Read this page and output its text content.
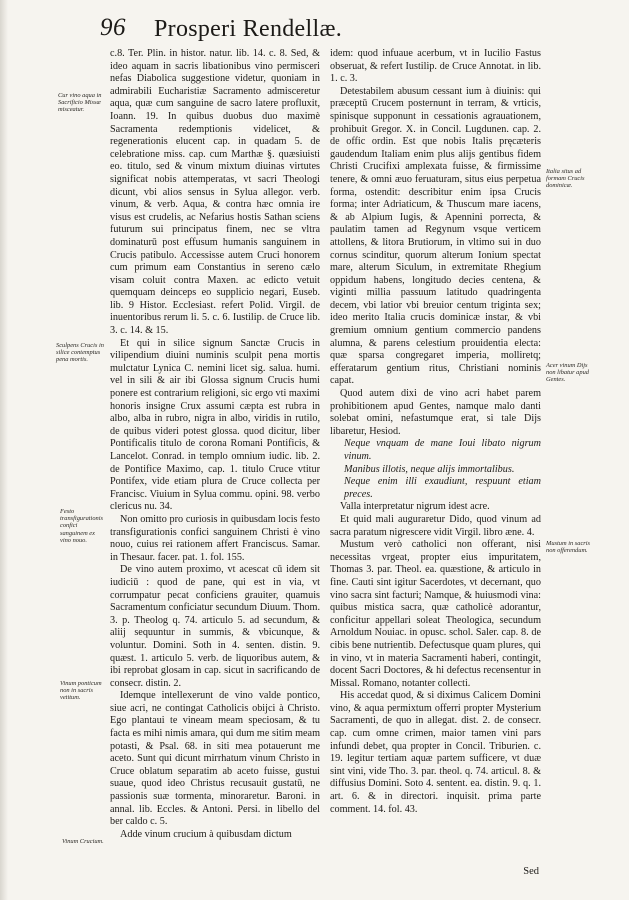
96 Prosperi Rendellæ.

c.8. Ter. Plin. in histor. natur. lib. 14. c. 8. Sed, & ideo aquam in sacris libationibus vino permisceri nefas Diabolica suggestione videtur, quoniam in admirabili Eucharistiæ Sacramento admisceretur aqua, quæ cum sanguine de sacro latere profluxit, Ioann. 19. In quibus duobus duo maximè Sacramenta redemptionis videlicet, & regenerationis elucent cap. in quadam 5. de celebratione miss. cap. cum Marthæ §. quæsiuisti eo. titulo, sed & vinum mixtum diuinas virtutes significat nobis attemperatas, vt sacri Theologi dicunt, vbi alios sensus in Sylua allegor. verb. vinum, & verb. Aqua, & contra hæc omnia ire visus est crudelis, ac Nefarius hostis Sathan sciens futurum sui principatus finem, nec se vltra dominaturū post effusum humanis sanguinem in Crucis patibulo. Accessisse autem Cruci honorem cum primum eam Constantius in sereno cælo visam coluit contra Maxen. ac edicto vetuit quemquam deinceps eo supplicio negari, Euseb. lib. 9 Histor. Ecclesiast. refert Polid. Virgil. de inuentoribus rerum li. 5. c. 6. Iustilip. de Cruce lib. 3. c. 14. & 15.

Et qui in silice signum Sanctæ Crucis in vilipendium diuini numinis sculpit pena mortis mulctatur Lynica C. nemini licet sig. salua. humi. vel in sili & air ibi Glossa signum Crucis humi ponere est contrarium religioni, sic ergo vti maximi honoris insigne Crux assumi cæpta est rubra in albo, alba in rubro, nigra in albo, viridis in rutilo, de quibus videri potest glossa. quod dicitur, liber Pontificalis titulo de corona Romani Pontificis, & Lancelot. Conrad. in templo omnium iudic. lib. 2. de Pontifice Maximo, cap. 1. titulo Cruce vtitur Pontifex, vide etiam plura de Cruce collecta per Francisc. Viuium in Sylua commu. opini. 98. verbo clericus nu. 34.

Non omitto pro curiosis in quibusdam locis festo transfigurationis confici sanguinem Christi è vino nouo, cuius rei rationem affert Franciscus. Samar. in Thesaur. facer. pat. 1. fol. 155.

De vino autem proximo, vt acescat cū idem sit iudiciū : quod de pane, qui est in via, vt corrumpatur pecat conficiens grauiter, quamuis Sacramentum conficiatur secundum Diuum. Thom. 3. p. Theolog q. 74. articulo 5. ad secundum, & aliij sequuntur in summis, & vbicunque, & voluntur. Domini. Soth in 4. senten. distin. 9. quæst. 1. articulo 5. verb. de liquoribus autem, & ibi reprobat glosam in cap. sicut in sacrificando de consecr. distin. 2.

Idemque intellexerunt de vino valde pontico, siue acri, ne contingat Catholicis obijci à Christo. Ego plantaui te vineam meam speciosam, & tu facta es mihi nimis amara, qui dum me sitim meam potasti, & Psal. 68. in siti mea potauerunt me aceto. Sunt qui dicunt mirrhatum vinum Christo in Cruce oblatum separatim ab aceto fuisse, gustui suaue, quod ideo Christus recusauit gustatū, ne passionis suæ tormenta, minoraretur. Baroni. in annal. lib. Eccles. & Antoni. Persi. in libello del ber caldo c. 5.

Adde vinum crucium à quibusdam dictum

idem: quod infuaue acerbum, vt in Iucilio Fastus obseruat, & refert Iustilip. de Cruce Annotat. in lib. 1. c. 3.

Detestabilem abusum cessant ium à diuinis: qui præceptū Crucem posternunt in terram, & vrticis, spinisque supponunt in cessationis agrauationem, prohibuit Gregor. X. in Concil. Lugdunen. cap. 2. de offic ordin. Est que nobis Italis pręcæteris gaudendum Italiam enim plus alijs gentibus fidem Christi Crucifixi amplexata fuisse, & firmissime tenere, & omni æuo feruaturam, situs eius perpetua forma, ostendit: describitur enim ipsa Crucis forma; inter Adriaticum, & Thuscum mare iacens, & ab Alpium Iugis, & Apennini porrecta, & paulatim tamen ad Regynum vsque verticem attollens, & litora Brutiorum, in vltimo sui in duo cornus scinditur, quorum alterum Ionium spectat mare, alterum Siculum, in extremitate Rhegium oppidum habens, longitudo decies centena, & viginti millia passuum latitudo quadringenta decem, vbi latior vbi breuior centum triginta sex; ideo merito Italia crucis dominicæ instar, & vbi gremium omnium gentium commercio pandens alumna, & parens celestium prouidentia electa: quæ sparsa congregaret imperia, molliretq; efferatarum gentium ritus, Christiani nominis capat.

Quod autem dixi de vino acri habet parem prohibitionem apud Gentes, namque malo danti solebat omini, nefastumque erat, si tale Dijs libaretur, Hesiod.

Neque vnquam de mane Ioui libato nigrum vinum.

Manibus illotis, neque alijs immortalibus.

Neque enim illi exaudiunt, respuunt etiam preces.

Valla interpretatur nigrum idest acre.

Et quid mali auguraretur Dido, quod vinum ad sacra paratum nigrescere vidit Virgil. libro æne. 4.

Mustum verò catholici non offerant, nisi necessitas vrgeat, propter eius impuritatem, Thomas 3. par. Theol. ea. quæstione, & articulo in fine. Cauti sint igitur Sacerdotes, vt decernant, quo vino sacra sint facturi; Namque, & huiusmodi vina: quibus mistica sacra, quæ catholicè adorantur, conficitur appellari soleat Theologica, secundum Arnoldum Nouiac. in opusc. schol. Saler. cap. 8. de cibis bene nutrientib. Defectusque quam plures, qui in vino, vt in materia Sacramenti haberi, contingit, docent Sacri Doctores, & hi defectus recensentur in Missal. Romano, notanter collecti.

His accedat quod, & si diximus Calicem Domini vino, & aqua permixtum offerri propter Mysterium Sacramenti, de quo in allegat. dist. 2. de consecr. cap. cum omne crimen, maior tamen vini pars infundi debet, qua propter in Concil. Triburien. c. 19. legitur tertiam aquæ partem sufficere, vt duæ sint vini, vide Tho. 3. par. theol. q. 74. articul. 8. & diffusius Domini. Soto 4. sentent. ea. distin. 9. q. 1. art. 6. & in directori. inquisit. prima parte comment. 14. fol. 43.

Cur vino aqua in Sacrificio Missæ misceatur.
Sculpens Crucis in silice contemptus pena mortis.
Festo transfigurationis confici sanguinem ex vino nouo.
Vinum ponticum non in sacris vetitum.
Vinum Crucium.
Italia situs ad formam Crucis dominicæ.
Acer vinum Dijs non libatur apud Gentes.
Mustum in sacris non offerendum.
Sed
